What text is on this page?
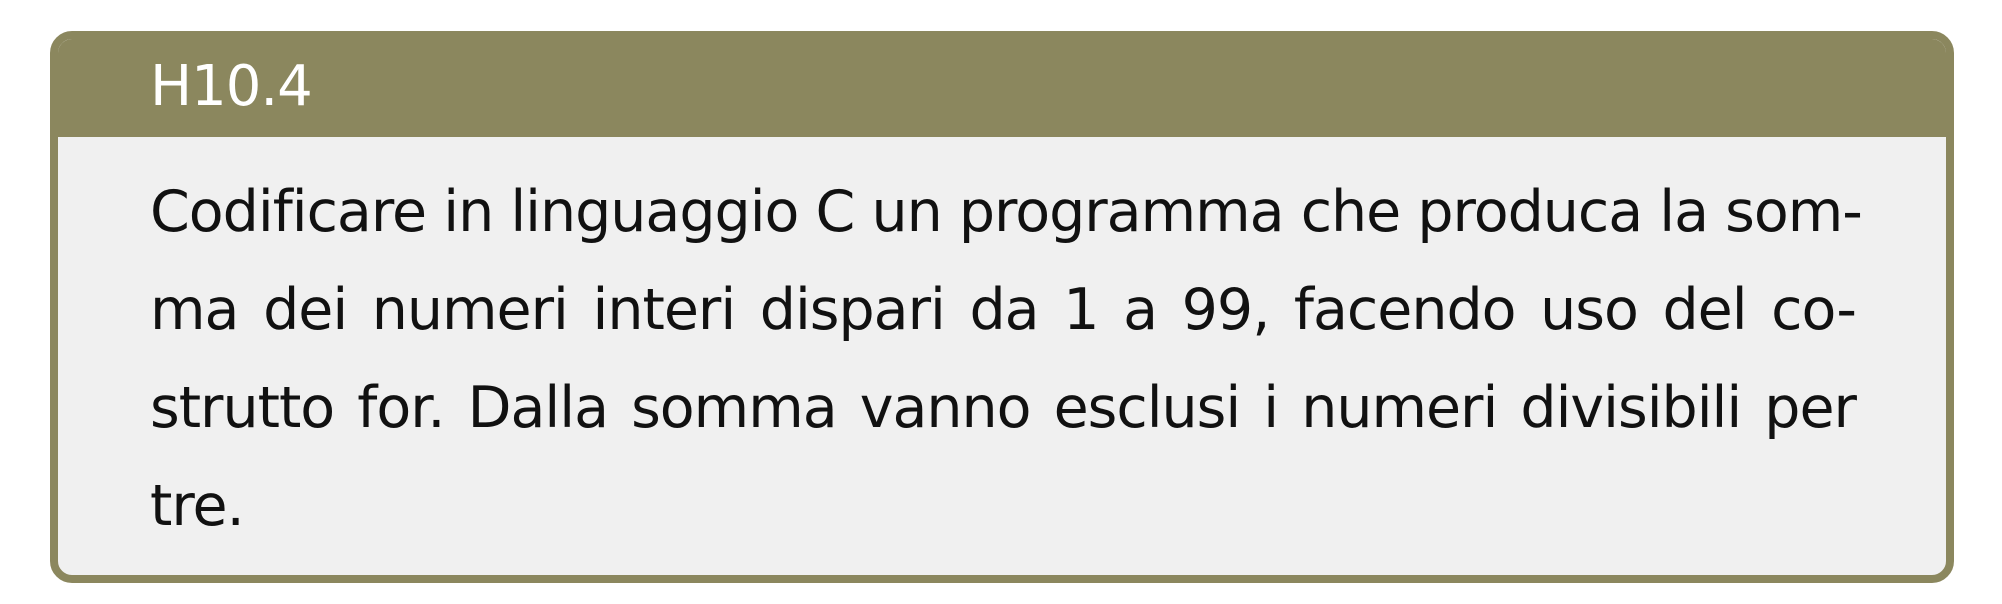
H10.4

Codificare in linguaggio C un programma che produca la som-
ma dei numeri interi dispari da 1 a 99, facendo uso del co-
strutto for. Dalla somma vanno esclusi i numeri divisibili per
tre.
